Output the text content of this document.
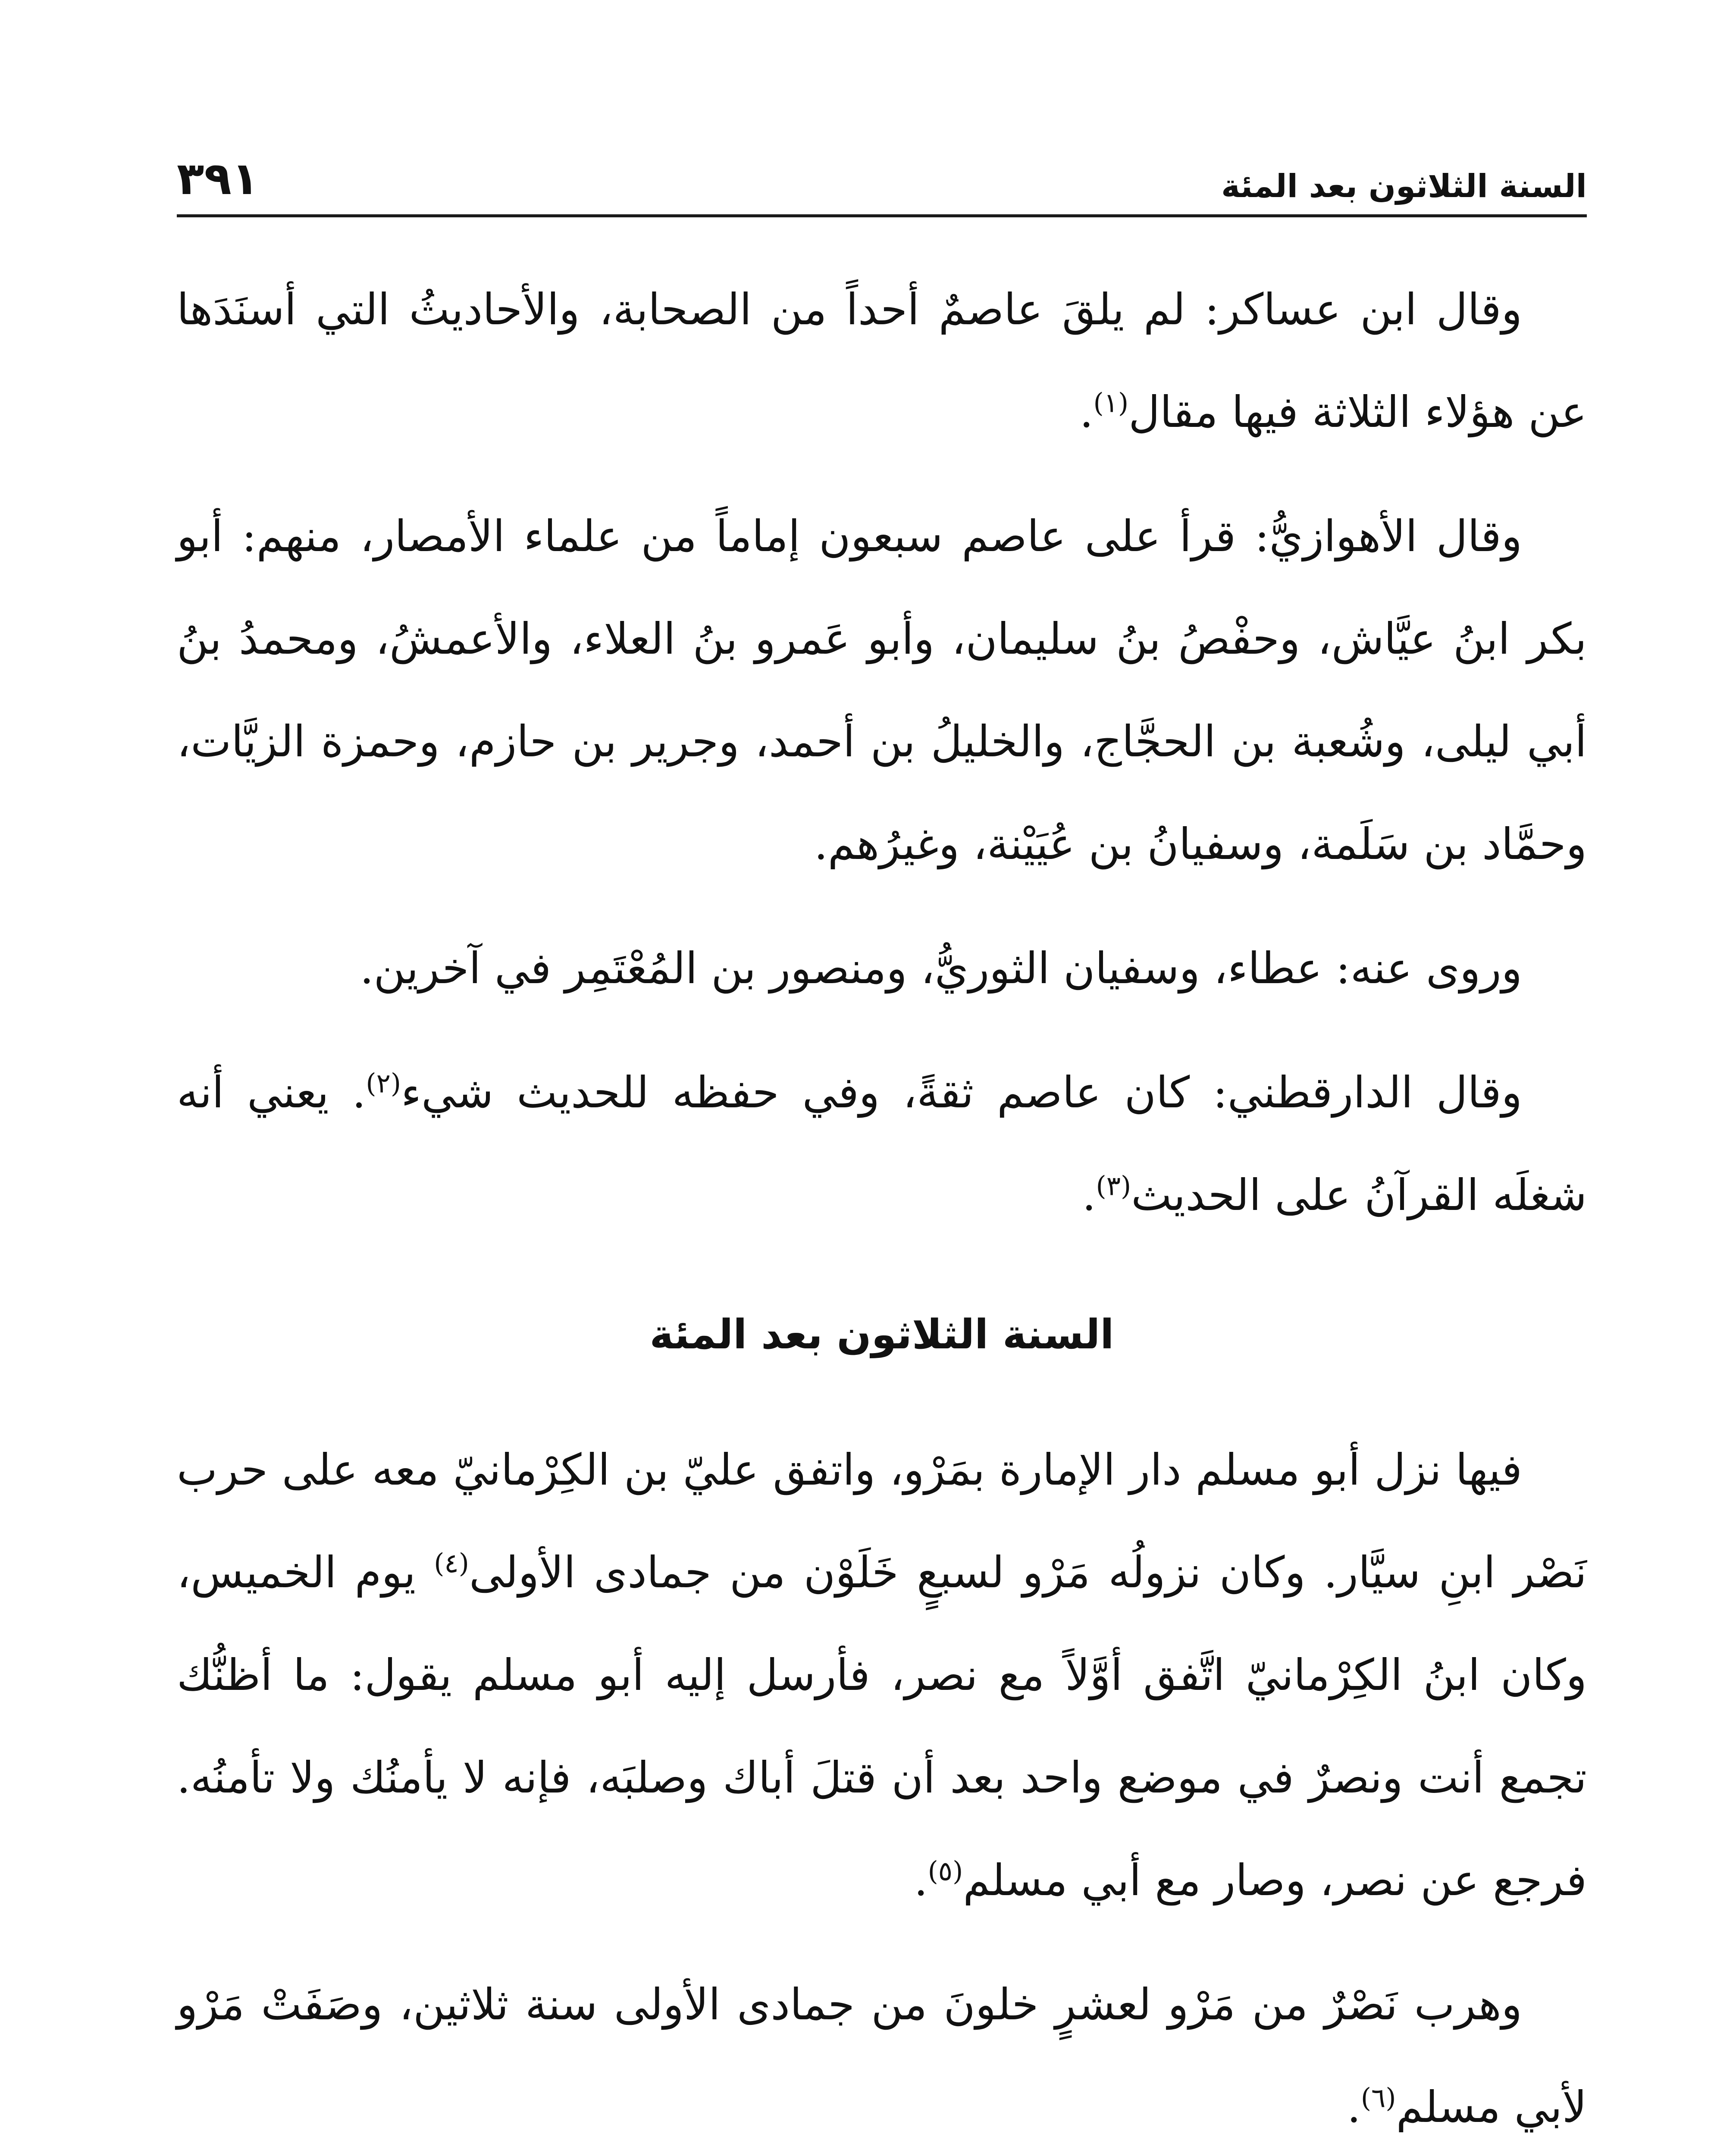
السنة الثلاثون بعد المئة
٣٩١

وقال ابن عساكر: لم يلقَ عاصمٌ أحداً من الصحابة، والأحاديثُ التي أسنَدَها عن هؤلاء الثلاثة فيها مقال$^{(١)}$.

وقال الأهوازيُّ: قرأ على عاصم سبعون إماماً من علماء الأمصار، منهم: أبو بكر ابنُ عيَّاش، وحفْصُ بنُ سليمان، وأبو عَمرو بنُ العلاء، والأعمشُ، ومحمدُ بنُ أبي ليلى، وشُعبة بن الحجَّاج، والخليلُ بن أحمد، وجرير بن حازم، وحمزة الزيَّات، وحمَّاد بن سَلَمة، وسفيانُ بن عُيَيْنة، وغيرُهم.

وروى عنه: عطاء، وسفيان الثوريُّ، ومنصور بن المُعْتَمِر في آخرين.

وقال الدارقطني: كان عاصم ثقةً، وفي حفظه للحديث شيء$^{(٢)}$. يعني أنه شغلَه القرآنُ على الحديث$^{(٣)}$.

السنة الثلاثون بعد المئة

فيها نزل أبو مسلم دار الإمارة بمَرْو، واتفق عليّ بن الكِرْمانيّ معه على حرب نَصْر ابنِ سيَّار. وكان نزولُه مَرْو لسبعٍ خَلَوْن من جمادى الأولى$^{(٤)}$ يوم الخميس، وكان ابنُ الكِرْمانيّ اتَّفق أوَّلاً مع نصر، فأرسل إليه أبو مسلم يقول: ما أظنُّك تجمع أنت ونصرٌ في موضع واحد بعد أن قتلَ أباك وصلبَه، فإنه لا يأمنُك ولا تأمنُه. فرجع عن نصر، وصار مع أبي مسلم$^{(٥)}$.

وهرب نَصْرٌ من مَرْو لعشرٍ خلونَ من جمادى الأولى سنة ثلاثين، وصَفَتْ مَرْو لأبي مسلم$^{(٦)}$.
